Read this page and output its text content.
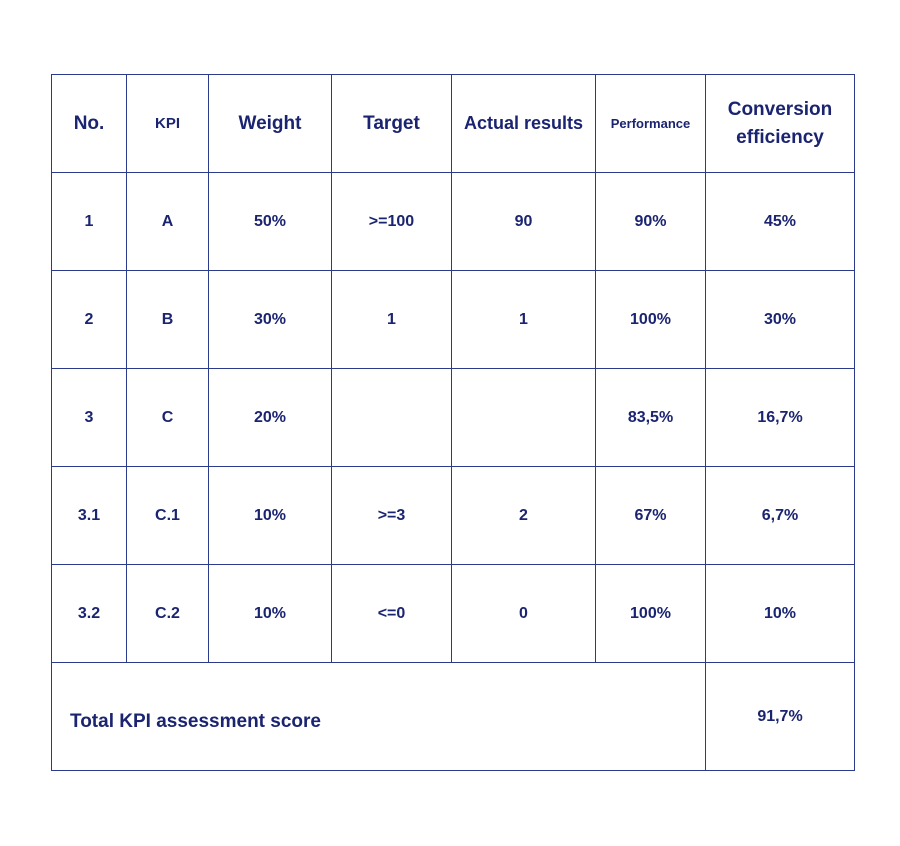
No.	KPI	Weight	Target	Actual results	Performance	Conversion efficiency
1	A	50%	>=100	90	90%	45%
2	B	30%	1	1	100%	30%
3	C	20%			83,5%	16,7%
3.1	C.1	10%	>=3	2	67%	6,7%
3.2	C.2	10%	<=0	0	100%	10%
Total KPI assessment score						91,7%
